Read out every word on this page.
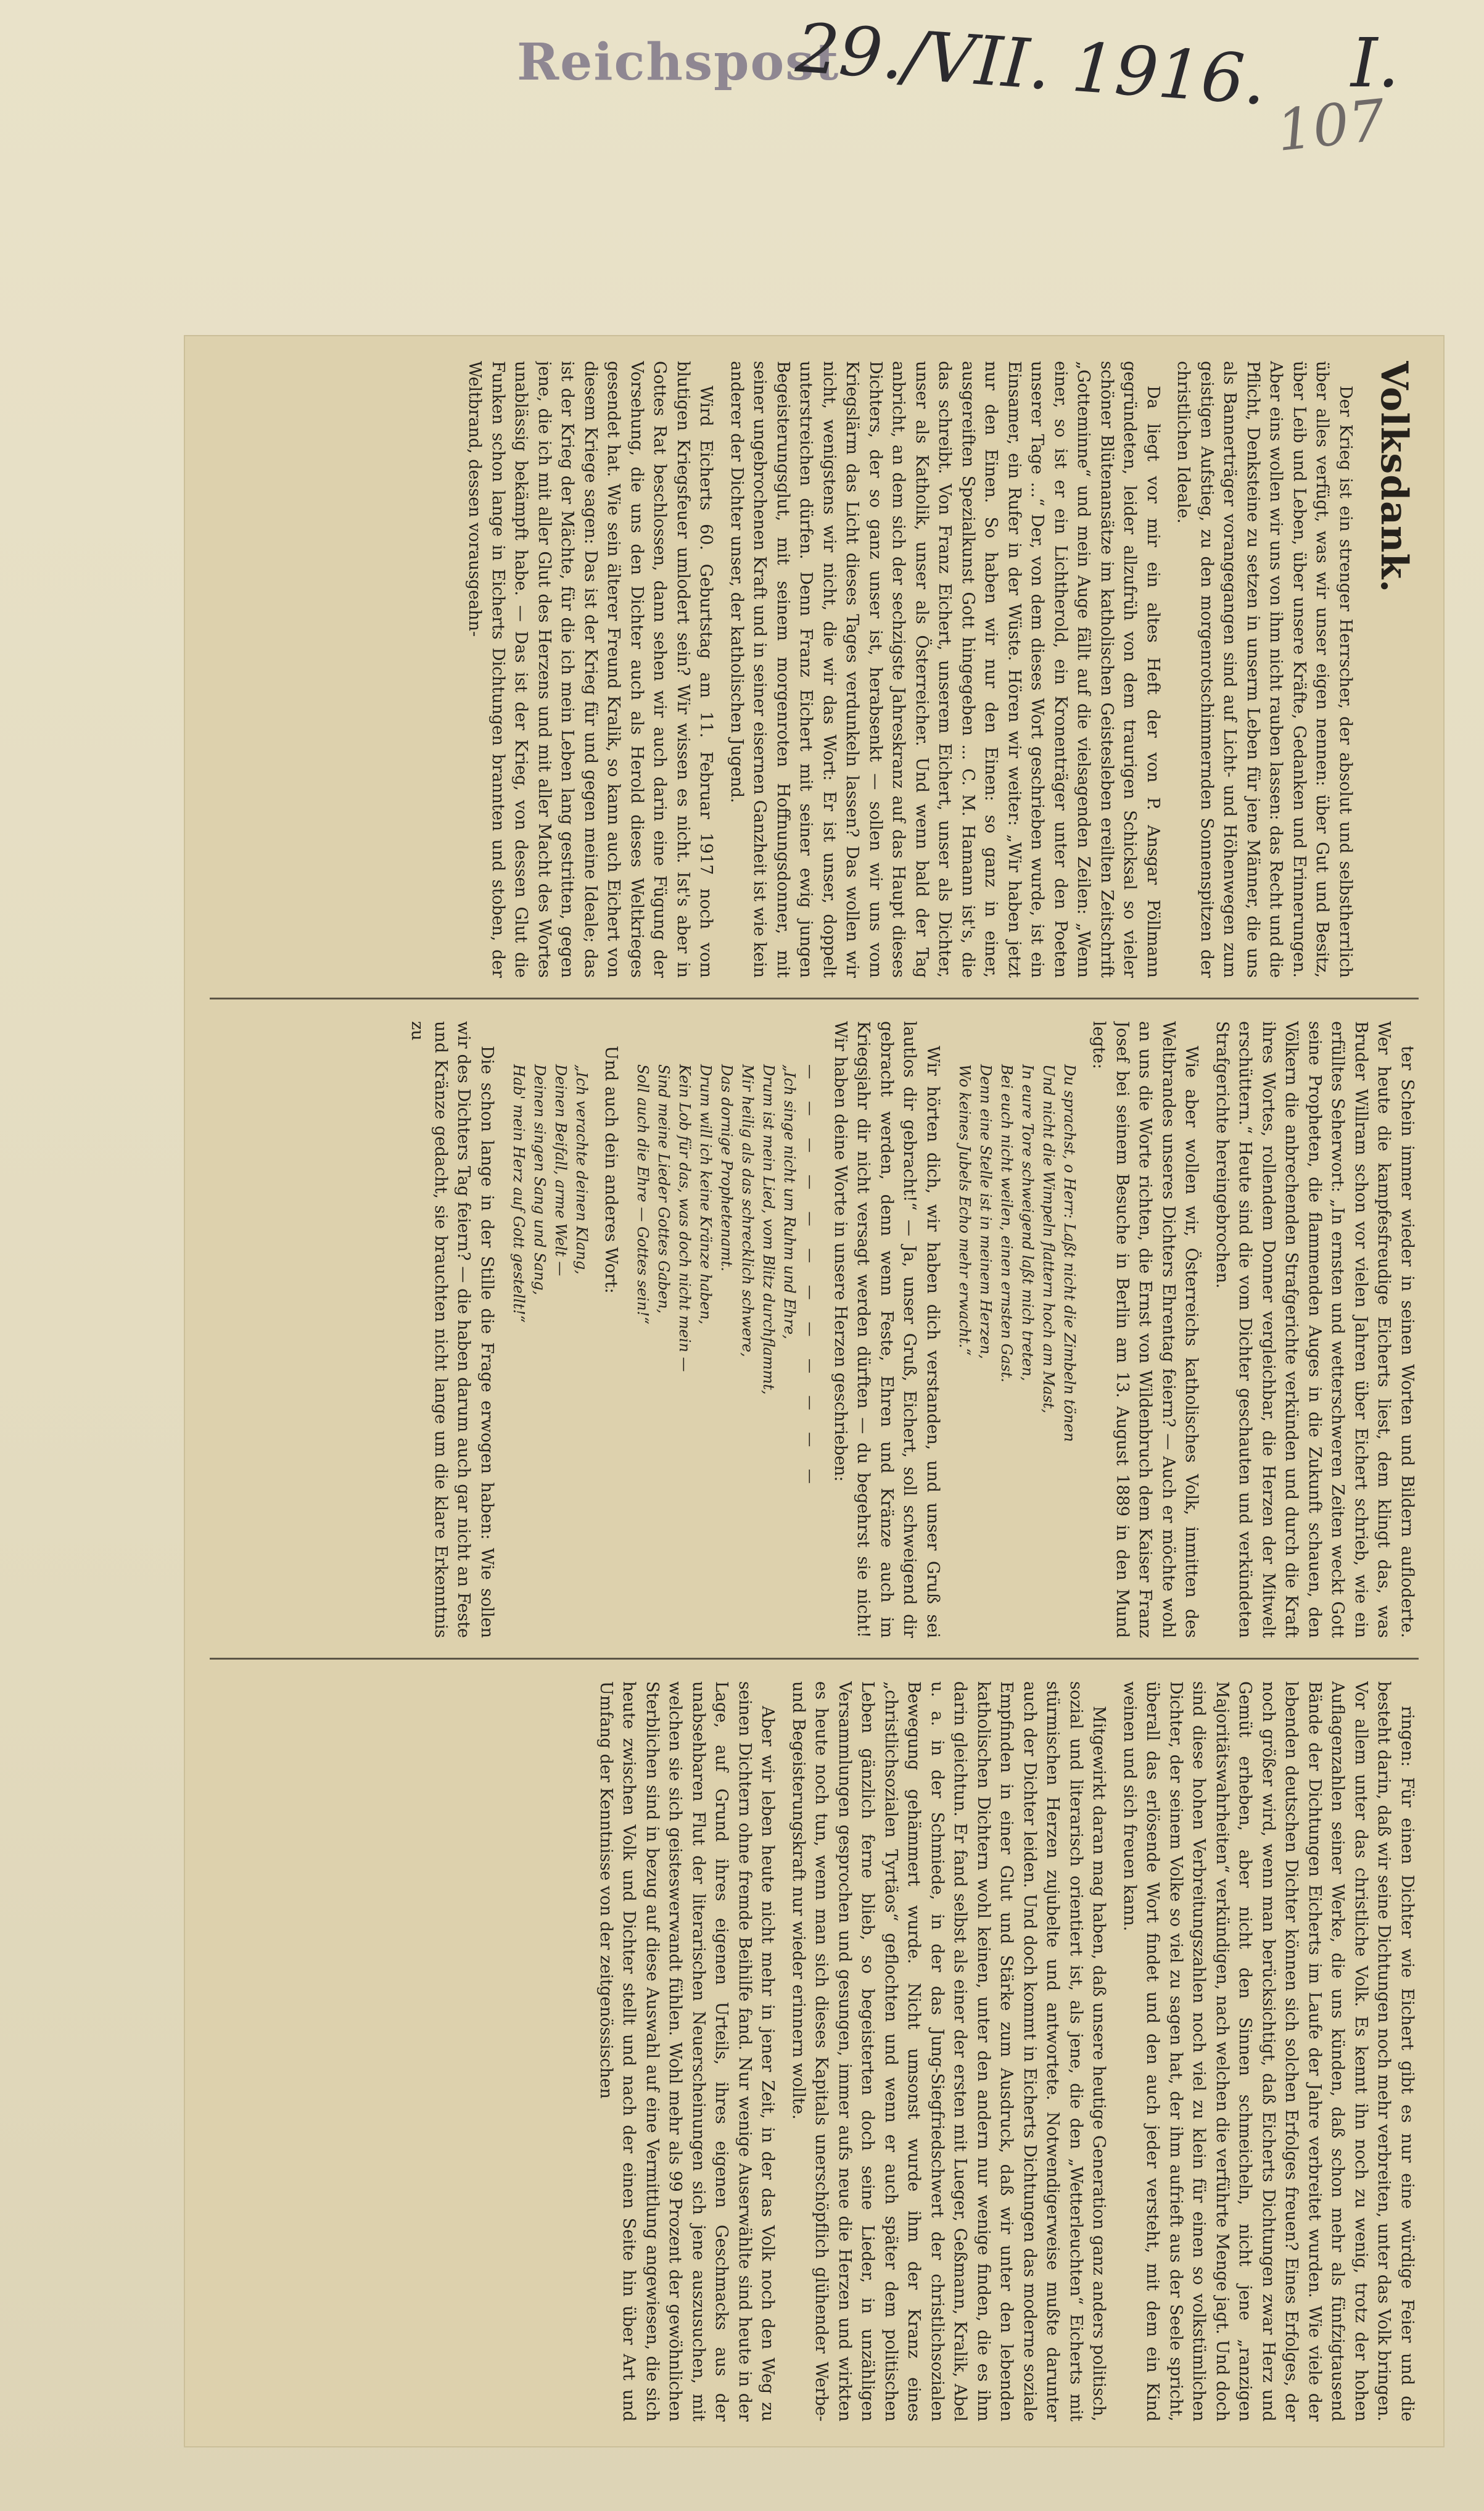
Reichspost
29./VII. 1916. I.
107
Volksdank.

Der Krieg ist ein strenger Herrscher, der absolut und selbstherrlich über alles verfügt, was wir unser eigen nennen: über Gut und Besitz, über Leib und Leben, über unsere Kräfte, Gedanken und Erinnerungen. Aber eins wollen wir uns von ihm nicht rauben lassen: das Recht und die Pflicht, Denksteine zu setzen in unserm Leben für jene Männer, die uns als Bannerträger vorangegangen sind auf Licht- und Höhenwegen zum geistigen Aufstieg, zu den morgenrotschimmernden Sonnenspitzen der christlichen Ideale.

Da liegt vor mir ein altes Heft der von P. Ansgar Pöllmann gegründeten, leider allzufrüh von dem traurigen Schicksal so vieler schöner Blütenansätze im katholischen Geistesleben ereilten Zeitschrift „Gotteminne“ und mein Auge fällt auf die vielsagenden Zeilen: „Wenn einer, so ist er ein Lichtherold, ein Kronenträger unter den Poeten unserer Tage ...“ Der, von dem dieses Wort geschrieben wurde, ist ein Einsamer, ein Rufer in der Wüste. Hören wir weiter: „Wir haben jetzt nur den Einen. So haben wir nur den Einen: so ganz in einer, ausgereiften Spezialkunst Gott hingegeben ... C. M. Hamann ist's, die das schreibt. Von Franz Eichert, unserem Eichert, unser als Dichter, unser als Katholik, unser als Österreicher. Und wenn bald der Tag anbricht, an dem sich der sechzigste Jahreskranz auf das Haupt dieses Dichters, der so ganz unser ist, herabsenkt — sollen wir uns vom Kriegslärm das Licht dieses Tages verdunkeln lassen? Das wollen wir nicht, wenigstens wir nicht, die wir das Wort: Er ist unser, doppelt unterstreichen dürfen. Denn Franz Eichert mit seiner ewig jungen Begeisterungsglut, mit seinem morgenroten Hoffnungsdonner, mit seiner ungebrochenen Kraft und in seiner eisernen Ganzheit ist wie kein anderer der Dichter unser, der katholischen Jugend.

Wird Eicherts 60. Geburtstag am 11. Februar 1917 noch vom blutigen Kriegsfeuer umlodert sein? Wir wissen es nicht. Ist's aber in Gottes Rat beschlossen, dann sehen wir auch darin eine Fügung der Vorsehung, die uns den Dichter auch als Herold dieses Weltkrieges gesendet hat. Wie sein älterer Freund Kralik, so kann auch Eichert von diesem Kriege sagen: Das ist der Krieg für und gegen meine Ideale; das ist der Krieg der Mächte, für die ich mein Leben lang gestritten, gegen jene, die ich mit aller Glut des Herzens und mit aller Macht des Wortes unablässig bekämpft habe. — Das ist der Krieg, von dessen Glut die Funken schon lange in Eicherts Dichtungen brannten und stoben, der Weltbrand, dessen vorausgeahn-

ter Schein immer wieder in seinen Worten und Bildern aufloderte. Wer heute die kampfesfreudige Eicherts liest, dem klingt das, was Bruder Willram schon vor vielen Jahren über Eichert schrieb, wie ein erfülltes Seherwort: „In ernsten und wetterschweren Zeiten weckt Gott seine Propheten, die flammenden Auges in die Zukunft schauen, den Völkern die anbrechenden Strafgerichte verkünden und durch die Kraft ihres Wortes, rollendem Donner vergleichbar, die Herzen der Mitwelt erschüttern.“ Heute sind die vom Dichter geschauten und verkündeten Strafgerichte hereingebrochen.

Wie aber wollen wir, Österreichs katholisches Volk, inmitten des Weltbrandes unseres Dichters Ehrentag feiern? — Auch er möchte wohl an uns die Worte richten, die Ernst von Wildenbruch dem Kaiser Franz Josef bei seinem Besuche in Berlin am 13. August 1889 in den Mund legte:

Du sprachst, o Herr: Laßt nicht die Zimbeln tönen
Und nicht die Wimpeln flattern hoch am Mast,
In eure Tore schweigend laßt mich treten,
Bei euch nicht weilen, einen ernsten Gast.
Denn eine Stelle ist in meinem Herzen,
Wo keines Jubels Echo mehr erwacht.“

Wir hörten dich, wir haben dich verstanden, und unser Gruß sei lautlos dir gebracht!“ — Ja, unser Gruß, Eichert, soll schweigend dir gebracht werden, denn wenn Feste, Ehren und Kränze auch im Kriegsjahr dir nicht versagt werden dürften — du begehrst sie nicht! Wir haben deine Worte in unsere Herzen geschrieben:

— — — — — — — — — — — —
„Ich singe nicht um Ruhm und Ehre,
Drum ist mein Lied, vom Blitz durchflammt,
Mir heilig als das schrecklich schwere,
Das dornige Prophetenamt.
Drum will ich keine Kränze haben,
Kein Lob für das, was doch nicht mein —
Sind meine Lieder Gottes Gaben,
Soll auch die Ehre — Gottes sein!“

Und auch dein anderes Wort:

„Ich verachte deinen Klang,
Deinen Beifall, arme Welt —
Deinen singen Sang und Sang,
Hab' mein Herz auf Gott gestellt!“

Die schon lange in der Stille die Frage erwogen haben: Wie sollen wir des Dichters Tag feiern? — die haben darum auch gar nicht an Feste und Kränze gedacht, sie brauchten nicht lange um die klare Erkenntnis zu

ringen: Für einen Dichter wie Eichert gibt es nur eine würdige Feier und die besteht darin, daß wir seine Dichtungen noch mehr verbreiten, unter das Volk bringen. Vor allem unter das christliche Volk. Es kennt ihn noch zu wenig, trotz der hohen Auflagenzahlen seiner Werke, die uns künden, daß schon mehr als fünfzigtausend Bände der Dichtungen Eicherts im Laufe der Jahre verbreitet wurden. Wie viele der lebenden deutschen Dichter können sich solchen Erfolges freuen? Eines Erfolges, der noch größer wird, wenn man berücksichtigt, daß Eicherts Dichtungen zwar Herz und Gemüt erheben, aber nicht den Sinnen schmeicheln, nicht jene „ranzigen Majoritätswahrheiten“ verkündigen, nach welchen die verführte Menge jagt. Und doch sind diese hohen Verbreitungszahlen noch viel zu klein für einen so volkstümlichen Dichter, der seinem Volke so viel zu sagen hat, der ihm aufrieft aus der Seele spricht, überall das erlösende Wort findet und den auch jeder versteht, mit dem ein Kind weinen und sich freuen kann.

Mitgewirkt daran mag haben, daß unsere heutige Generation ganz anders politisch, sozial und literarisch orientiert ist, als jene, die den „Wetterleuchten“ Eicherts mit stürmischen Herzen zujubelte und antwortete. Notwendigerweise mußte darunter auch der Dichter leiden. Und doch kommt in Eicherts Dichtungen das moderne soziale Empfinden in einer Glut und Stärke zum Ausdruck, daß wir unter den lebenden katholischen Dichtern wohl keinen, unter den andern nur wenige finden, die es ihm darin gleichtun. Er fand selbst als einer der ersten mit Lueger, Geßmann, Kralik, Abel u. a. in der Schmiede, in der das Jung-Siegfriedschwert der christlichsozialen Bewegung gehämmert wurde. Nicht umsonst wurde ihm der Kranz eines „christlichsozialen Tyrtäos“ geflochten und wenn er auch später dem politischen Leben gänzlich ferne blieb, so begeisterten doch seine Lieder, in unzähligen Versammlungen gesprochen und gesungen, immer aufs neue die Herzen und wirkten es heute noch tun, wenn man sich dieses Kapitals unerschöpflich glühender Werbe- und Begeisterungskraft nur wieder erinnern wollte.

Aber wir leben heute nicht mehr in jener Zeit, in der das Volk noch den Weg zu seinen Dichtern ohne fremde Beihilfe fand. Nur wenige Auserwählte sind heute in der Lage, auf Grund ihres eigenen Urteils, ihres eigenen Geschmacks aus der unabsehbaren Flut der literarischen Neuerscheinungen sich jene auszusuchen, mit welchen sie sich geisteswerwandt fühlen. Wohl mehr als 99 Prozent der gewöhnlichen Sterblichen sind in bezug auf diese Auswahl auf eine Vermittlung angewiesen, die sich heute zwischen Volk und Dichter stellt und nach der einen Seite hin über Art und Umfang der Kenntnisse von der zeitgenössischen
